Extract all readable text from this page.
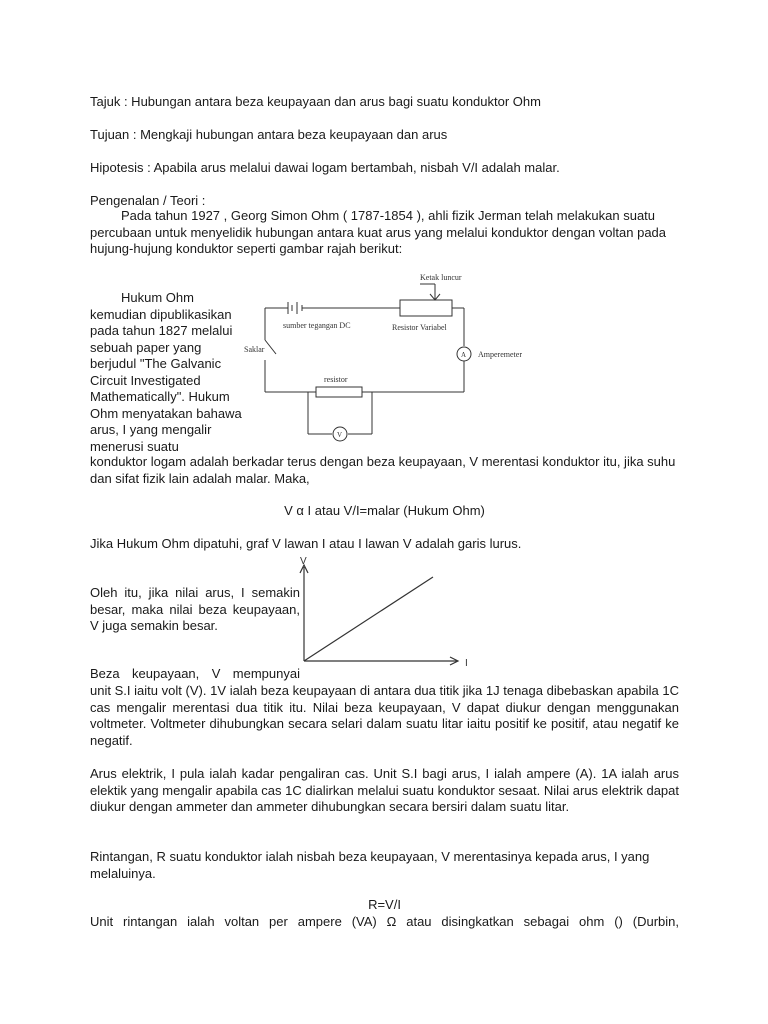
Tajuk : Hubungan antara beza keupayaan dan arus bagi suatu konduktor Ohm
Tujuan : Mengkaji hubungan antara beza keupayaan dan arus
Hipotesis : Apabila arus melalui dawai logam bertambah, nisbah V/I adalah malar.
Pengenalan / Teori :
Pada tahun 1927 , Georg Simon Ohm ( 1787-1854 ), ahli fizik Jerman telah melakukan suatu percubaan untuk menyelidik hubungan antara kuat arus yang melalui konduktor dengan voltan pada hujung-hujung konduktor seperti gambar rajah berikut:
Hukum Ohm kemudian dipublikasikan pada tahun 1827 melalui sebuah paper yang berjudul "The Galvanic Circuit Investigated Mathematically". Hukum Ohm menyatakan bahawa arus, I yang mengalir menerusi suatu
Ketak luncur
sumber tegangan DC	Resistor Variabel
Saklar
A Amperemeter
resistor
V
konduktor logam adalah berkadar terus dengan beza keupayaan, V merentasi konduktor itu, jika suhu dan sifat fizik lain adalah malar. Maka,
V α I atau V/I=malar (Hukum Ohm)
Jika Hukum Ohm dipatuhi, graf V lawan I atau I lawan V adalah garis lurus.
V
I
Oleh itu, jika nilai arus, I semakin besar, maka nilai beza keupayaan, V juga semakin besar.
Beza keupayaan, V mempunyai
unit S.I iaitu volt (V). 1V ialah beza keupayaan di antara dua titik jika 1J tenaga dibebaskan apabila 1C cas mengalir merentasi dua titik itu. Nilai beza keupayaan, V dapat diukur dengan menggunakan voltmeter. Voltmeter dihubungkan secara selari dalam suatu litar iaitu positif ke positif, atau negatif ke negatif.
Arus elektrik, I pula ialah kadar pengaliran cas. Unit S.I bagi arus, I ialah ampere (A). 1A ialah arus elektik yang mengalir apabila cas 1C dialirkan melalui suatu konduktor sesaat. Nilai arus elektrik dapat diukur dengan ammeter dan ammeter dihubungkan secara bersiri dalam suatu litar.
Rintangan, R suatu konduktor ialah nisbah beza keupayaan, V merentasinya kepada arus, I yang melaluinya.
R=V/I
Unit rintangan ialah voltan per ampere (VA) Ω atau disingkatkan sebagai ohm () (Durbin,
